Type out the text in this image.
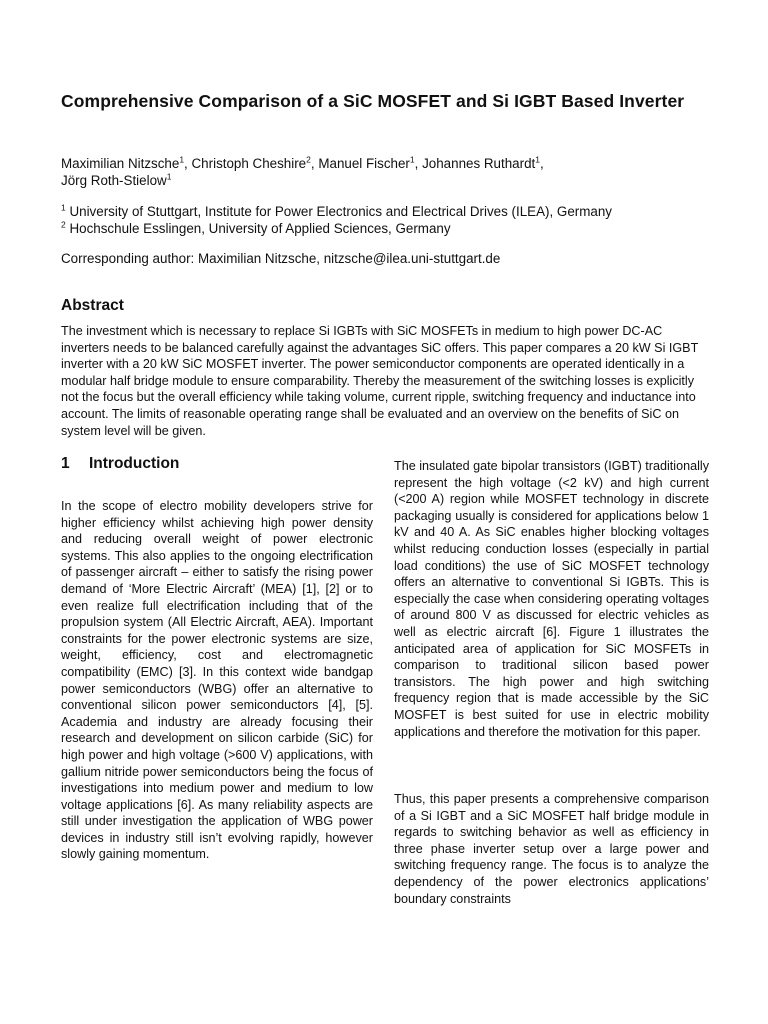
Comprehensive Comparison of a SiC MOSFET and Si IGBT Based Inverter

Maximilian Nitzsche$^1$, Christoph Cheshire$^2$, Manuel Fischer$^1$, Johannes Ruthardt$^1$,
Jörg Roth-Stielow$^1$

$^1$ University of Stuttgart, Institute for Power Electronics and Electrical Drives (ILEA), Germany

$^2$ Hochschule Esslingen, University of Applied Sciences, Germany

Corresponding author: Maximilian Nitzsche, nitzsche@ilea.uni-stuttgart.de

Abstract

The investment which is necessary to replace Si IGBTs with SiC MOSFETs in medium to high power DC-AC inverters needs to be balanced carefully against the advantages SiC offers. This paper compares a 20 kW Si IGBT inverter with a 20 kW SiC MOSFET inverter. The power semiconductor components are operated identically in a modular half bridge module to ensure comparability. Thereby the measurement of the switching losses is explicitly not the focus but the overall efficiency while taking volume, current ripple, switching frequency and inductance into account. The limits of reasonable operating range shall be evaluated and an overview on the benefits of SiC on system level will be given.

1 Introduction

In the scope of electro mobility developers strive for higher efficiency whilst achieving high power density and reducing overall weight of power electronic systems. This also applies to the ongoing electrification of passenger aircraft – either to satisfy the rising power demand of ‘More Electric Aircraft’ (MEA) [1], [2] or to even realize full electrification including that of the propulsion system (All Electric Aircraft, AEA). Important constraints for the power electronic systems are size, weight, efficiency, cost and electromagnetic compatibility (EMC) [3]. In this context wide bandgap power semiconductors (WBG) offer an alternative to conventional silicon power semiconductors [4], [5]. Academia and industry are already focusing their research and development on silicon carbide (SiC) for high power and high voltage (>600 V) applications, with gallium nitride power semiconductors being the focus of investigations into medium power and medium to low voltage applications [6]. As many reliability aspects are still under investigation the application of WBG power devices in industry still isn’t evolving rapidly, however slowly gaining momentum.

The insulated gate bipolar transistors (IGBT) traditionally represent the high voltage (<2 kV) and high current (<200 A) region while MOSFET technology in discrete packaging usually is considered for applications below 1 kV and 40 A. As SiC enables higher blocking voltages whilst reducing conduction losses (especially in partial load conditions) the use of SiC MOSFET technology offers an alternative to conventional Si IGBTs. This is especially the case when considering operating voltages of around 800 V as discussed for electric vehicles as well as electric aircraft [6]. Figure 1 illustrates the anticipated area of application for SiC MOSFETs in comparison to traditional silicon based power transistors. The high power and high switching frequency region that is made accessible by the SiC MOSFET is best suited for use in electric mobility applications and therefore the motivation for this paper.

Thus, this paper presents a comprehensive comparison of a Si IGBT and a SiC MOSFET half bridge module in regards to switching behavior as well as efficiency in three phase inverter setup over a large power and switching frequency range. The focus is to analyze the dependency of the power electronics applications’ boundary constraints
